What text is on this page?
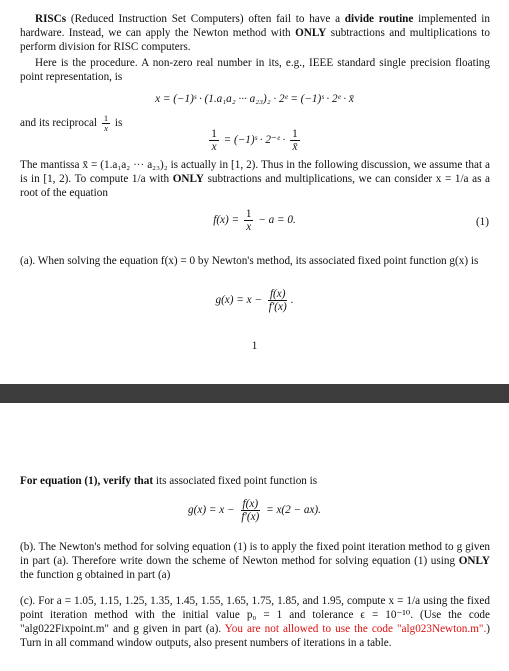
RISCs (Reduced Instruction Set Computers) often fail to have a divide routine implemented in hardware. Instead, we can apply the Newton method with ONLY subtractions and multiplications to perform division for RISC computers.

Here is the procedure. A non-zero real number in its, e.g., IEEE standard single precision floating point representation, is

x = (−1)ˢ · (1.a₁a₂ ··· a₂₃)₂ · 2ᵉ = (−1)ˢ · 2ᵉ · x̄

and its reciprocal $\frac{1}{x}$ is

$\frac{1}{x}$ = (−1)ˢ · 2⁻ᵉ · $\frac{1}{x̄}$

The mantissa x̄ = (1.a₁a₂ ··· a₂₃)₂ is actually in [1, 2). Thus in the following discussion, we assume that a is in [1, 2). To compute 1/a with ONLY subtractions and multiplications, we can consider x = 1/a as a root of the equation

$f(x) = \frac{1}{x} - a = 0$.	(1)

(a). When solving the equation f(x) = 0 by Newton's method, its associated fixed point function g(x) is

$g(x) = x - \frac{f(x)}{f'(x)}$ .
1

For equation (1), verify that its associated fixed point function is

$g(x) = x - \frac{f(x)}{f'(x)} = x(2 - ax)$.

(b). The Newton's method for solving equation (1) is to apply the fixed point iteration method to g given in part (a). Therefore write down the scheme of Newton method for solving equation (1) using ONLY the function g obtained in part (a)

(c). For a = 1.05, 1.15, 1.25, 1.35, 1.45, 1.55, 1.65, 1.75, 1.85, and 1.95, compute x = 1/a using the fixed point iteration method with the initial value p₀ = 1 and tolerance ϵ = 10⁻¹⁰. (Use the code "alg022Fixpoint.m" and g given in part (a). You are not allowed to use the code "alg023Newton.m".) Turn in all command window outputs, also present numbers of iterations in a table.
